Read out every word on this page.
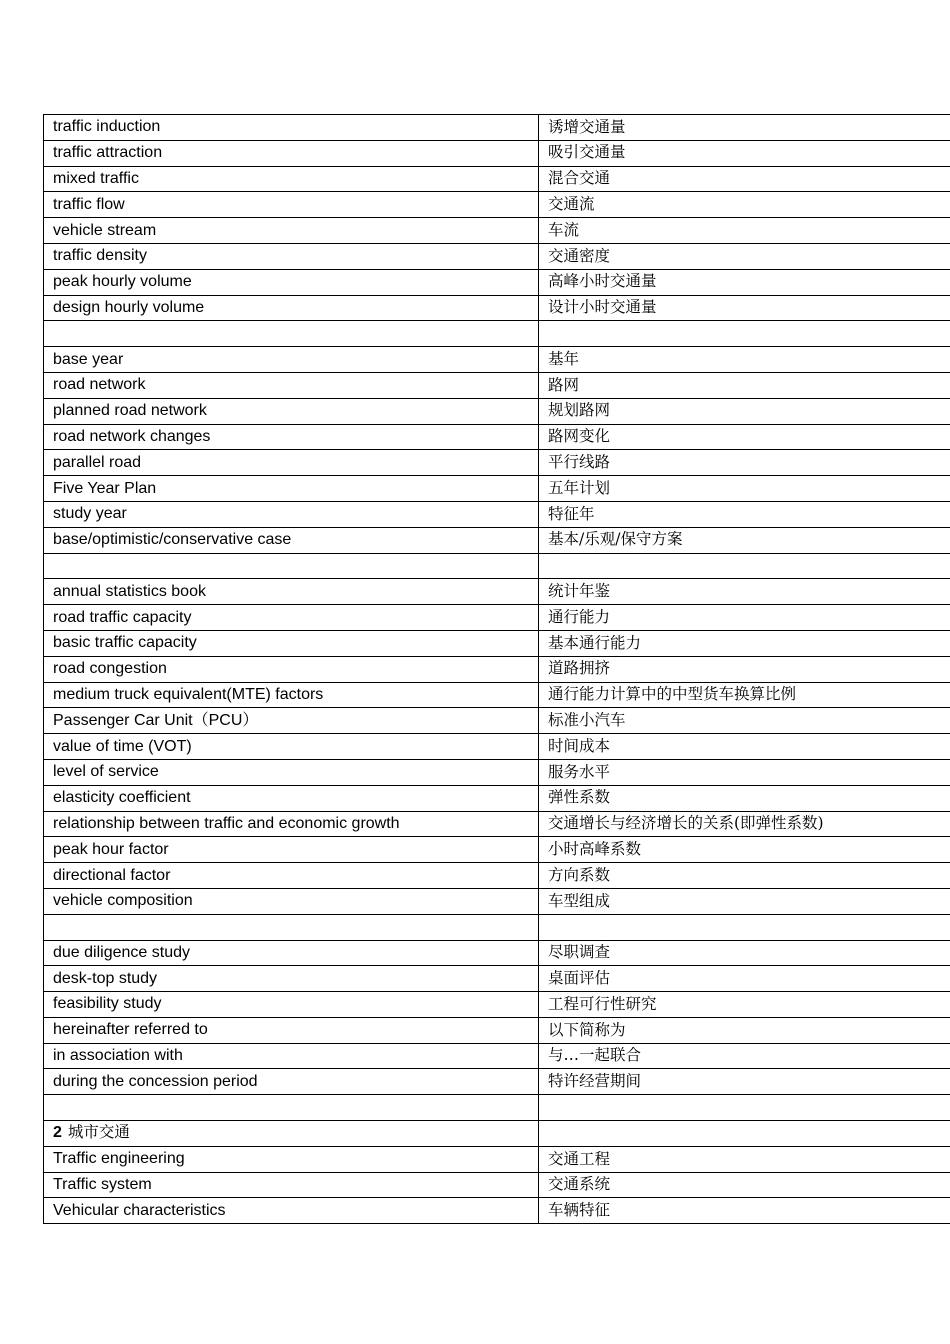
traffic induction	诱增交通量
traffic attraction	吸引交通量
mixed traffic	混合交通
traffic flow	交通流
vehicle stream	车流
traffic density	交通密度
peak hourly volume	高峰小时交通量
design hourly volume	设计小时交通量

base year	基年
road network	路网
planned road network	规划路网
road network changes	路网变化
parallel road	平行线路
Five Year Plan	五年计划
study year	特征年
base/optimistic/conservative case	基本/乐观/保守方案

annual statistics book	统计年鉴
road traffic capacity	通行能力
basic traffic capacity	基本通行能力
road congestion	道路拥挤
medium truck equivalent(MTE) factors	通行能力计算中的中型货车换算比例
Passenger Car Unit（PCU）	标准小汽车
value of time (VOT)	时间成本
level of service	服务水平
elasticity coefficient	弹性系数
relationship between traffic and economic growth	交通增长与经济增长的关系(即弹性系数)
peak hour factor	小时高峰系数
directional factor	方向系数
vehicle composition	车型组成

due diligence study	尽职调查
desk-top study	桌面评估
feasibility study	工程可行性研究
hereinafter referred to	以下简称为
in association with	与…一起联合
during the concession period	特许经营期间

2 城市交通	
Traffic engineering	交通工程
Traffic system	交通系统
Vehicular characteristics	车辆特征
